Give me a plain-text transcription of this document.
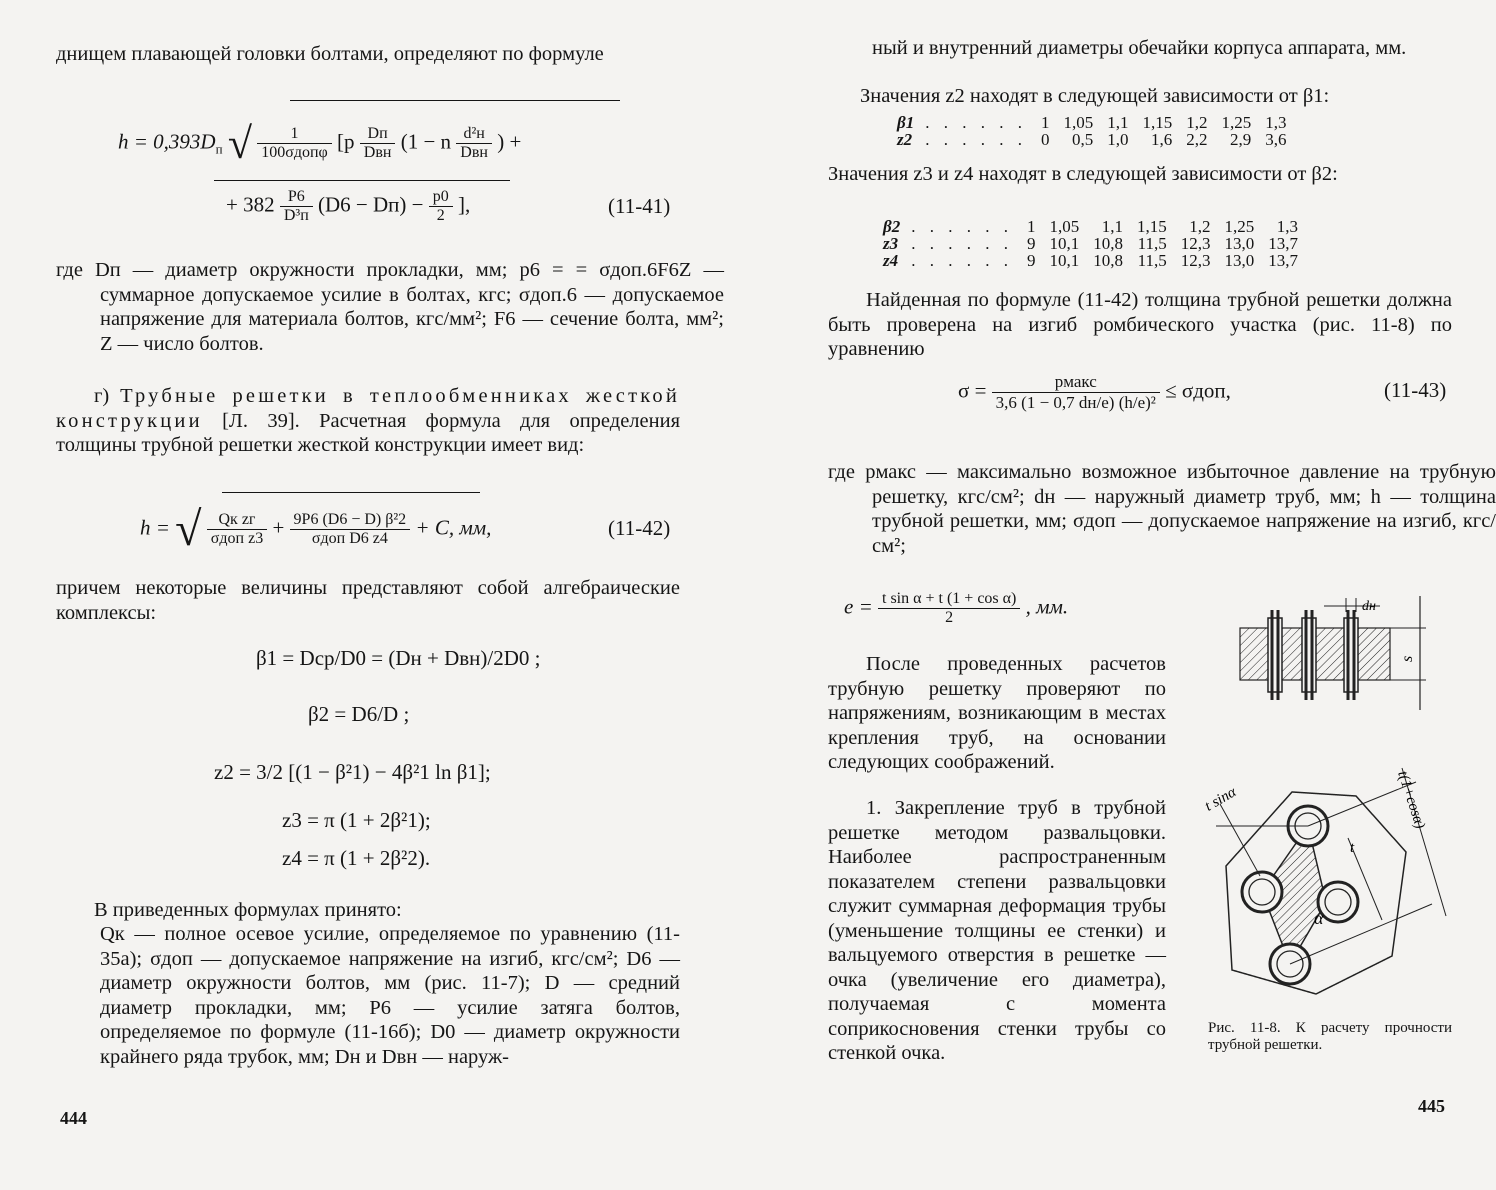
днищем плавающей головки болтами, определяют по формуле
$h = 0,393D_п$ √ $\frac{1}{\text{100σдопφ}} [p \frac{Dп}{\text{Dвн}} (1 - n \frac{\text{d²н}}{\text{Dвн}}$ ) +
+ $382 \frac{P6}{\text{D³п}} (D6 - Dп) - \frac{p0}{2}$ ],	(11-41)
где Dп — диаметр окружности прокладки, мм; p6 = = σдоп.6F6Z — суммарное допускаемое усилие в болтах, кгс; σдоп.6 — допускаемое напряжение для материала болтов, кгс/мм²; F6 — сечение болта, мм²; Z — число болтов.
г) Трубные решетки в теплообменниках жесткой конструкции [Л. 39]. Расчетная формула для определения толщины трубной решетки жесткой конструкции имеет вид:
h = √ $\frac{\text{Qк zг}}{\text{σдоп z3}} + \frac{\text{9P6 (D6 − D) β²2}}{\text{σдоп D6 z4}} + C$, мм,	(11-42)
причем некоторые величины представляют собой алгебраические комплексы:
β1 = Dср/D0 = (Dн + Dвн)/2D0 ;
β2 = D6/D ;
z2 = 3/2 [(1 − β²1) − 4β²1 ln β1];
z3 = π (1 + 2β²1);
z4 = π (1 + 2β²2).
В приведенных формулах принято:
Qк — полное осевое усилие, определяемое по уравнению (11-35а); σдоп — допускаемое напряжение на изгиб, кгс/см²; D6 — диаметр окружности болтов, мм (рис. 11-7); D — средний диаметр прокладки, мм; P6 — усилие затяга болтов, определяемое по формуле (11-16б); D0 — диаметр окружности крайнего ряда трубок, мм; Dн и Dвн — наруж-
444
ный и внутренний диаметры обечайки корпуса аппарата, мм.
Значения z2 находят в следующей зависимости от β1:
β1	. . . . . .	1	1,05	1,1	1,15	1,2	1,25	1,3
z2	. . . . . .	0	0,5	1,0	1,6	2,2	2,9	3,6
Значения z3 и z4 находят в следующей зависимости от β2:
β2	. . . . . .	1	1,05	1,1	1,15	1,2	1,25	1,3
z3	. . . . . .	9	10,1	10,8	11,5	12,3	13,0	13,7
z4	. . . . . .	9	10,1	10,8	11,5	12,3	13,0	13,7
Найденная по формуле (11-42) толщина трубной решетки должна быть проверена на изгиб ромбического участка (рис. 11-8) по уравнению
$\sigma = \frac{\text{pмакс}}{\text{3,6 (1 − 0,7 dн/e) (h/e)²}} \le \sigma доп$,	(11-43)
где pмакс — максимально возможное избыточное давление на трубную решетку, кгс/см²; dн — наружный диаметр труб, мм; h — толщина трубной решетки, мм; σдоп — допускаемое напряжение на изгиб, кгс/см²;
$e = \frac{\text{t sin α + t (1 + cos α)}}{2}$ , мм.
После проведенных расчетов трубную решетку проверяют по напряжениям, возникающим в местах крепления труб, на основании следующих соображений.
1. Закрепление труб в трубной решетке методом развальцовки. Наиболее распространенным показателем степени развальцовки служит суммарная деформация трубы (уменьшение толщины ее стенки) и вальцуемого отверстия в решетке — очка (увеличение его диаметра), получаемая с момента соприкосновения стенки трубы со стенкой очка.
dн
s
t sinα	t(1+cosα)
t
α
Рис. 11-8. К расчету прочности трубной решетки.
445
